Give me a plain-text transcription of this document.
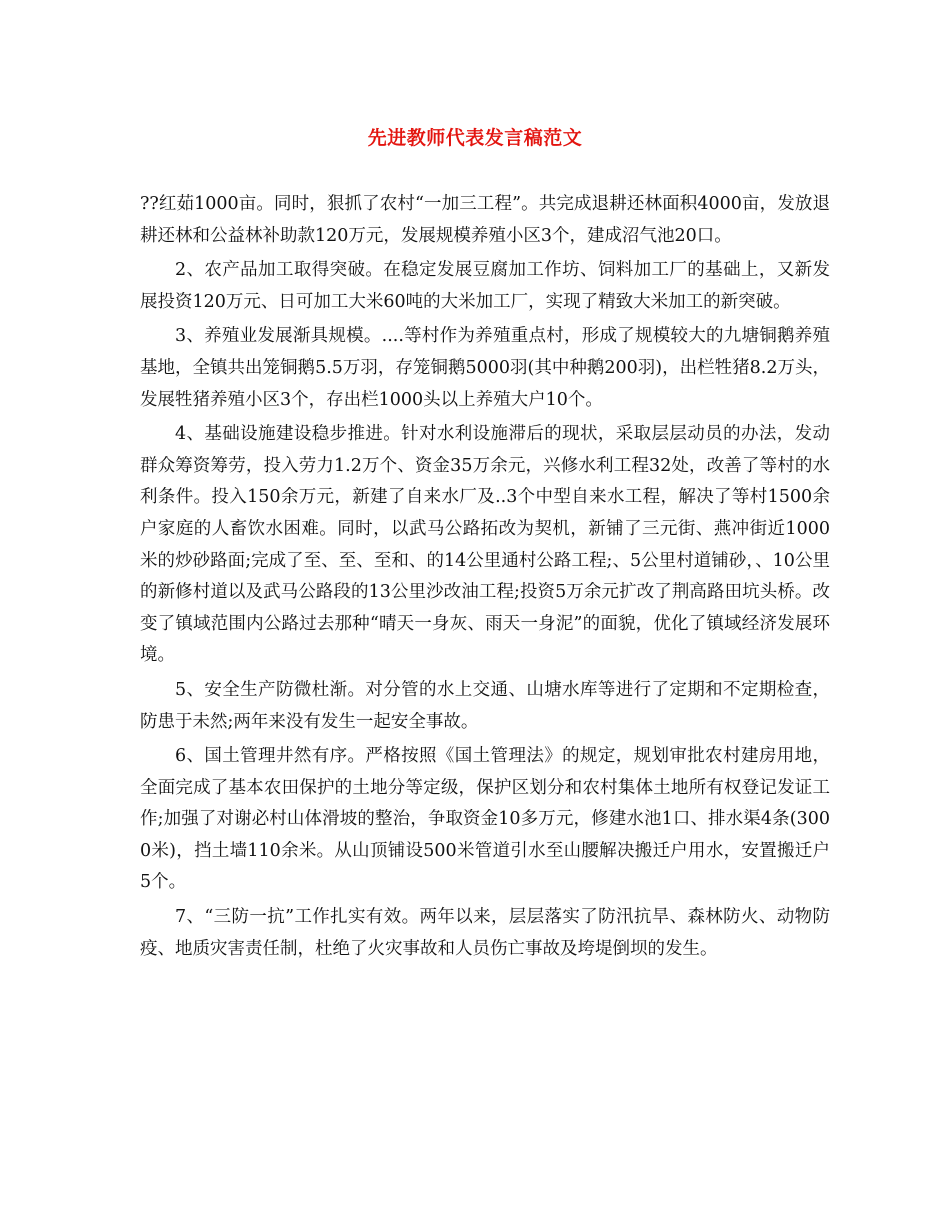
先进教师代表发言稿范文

??红茹1000亩。同时，狠抓了农村“一加三工程”。共完成退耕还林面积4000亩，发放退耕还林和公益林补助款120万元，发展规模养殖小区3个，建成沼气池20口。

2、农产品加工取得突破。在稳定发展豆腐加工作坊、饲料加工厂的基础上，又新发展投资120万元、日可加工大米60吨的大米加工厂，实现了精致大米加工的新突破。

3、养殖业发展渐具规模。....等村作为养殖重点村，形成了规模较大的九塘铜鹅养殖基地，全镇共出笼铜鹅5.5万羽，存笼铜鹅5000羽(其中种鹅200羽)，出栏牲猪8.2万头，发展牲猪养殖小区3个，存出栏1000头以上养殖大户10个。

4、基础设施建设稳步推进。针对水利设施滞后的现状，采取层层动员的办法，发动群众筹资筹劳，投入劳力1.2万个、资金35万余元，兴修水利工程32处，改善了等村的水利条件。投入150余万元，新建了自来水厂及..3个中型自来水工程，解决了等村1500余户家庭的人畜饮水困难。同时，以武马公路拓改为契机，新铺了三元街、燕冲街近1000米的炒砂路面;完成了至、至、至和、的14公里通村公路工程;、5公里村道铺砂，、10公里的新修村道以及武马公路段的13公里沙改油工程;投资5万余元扩改了荆高路田坑头桥。改变了镇域范围内公路过去那种“晴天一身灰、雨天一身泥”的面貌，优化了镇域经济发展环境。

5、安全生产防微杜渐。对分管的水上交通、山塘水库等进行了定期和不定期检查，防患于未然;两年来没有发生一起安全事故。

6、国土管理井然有序。严格按照《国土管理法》的规定，规划审批农村建房用地，全面完成了基本农田保护的土地分等定级，保护区划分和农村集体土地所有权登记发证工作;加强了对谢必村山体滑坡的整治，争取资金10多万元，修建水池1口、排水渠4条(3000米)，挡土墙110余米。从山顶铺设500米管道引水至山腰解决搬迁户用水，安置搬迁户5个。

7、“三防一抗”工作扎实有效。两年以来，层层落实了防汛抗旱、森林防火、动物防疫、地质灾害责任制，杜绝了火灾事故和人员伤亡事故及垮堤倒坝的发生。
